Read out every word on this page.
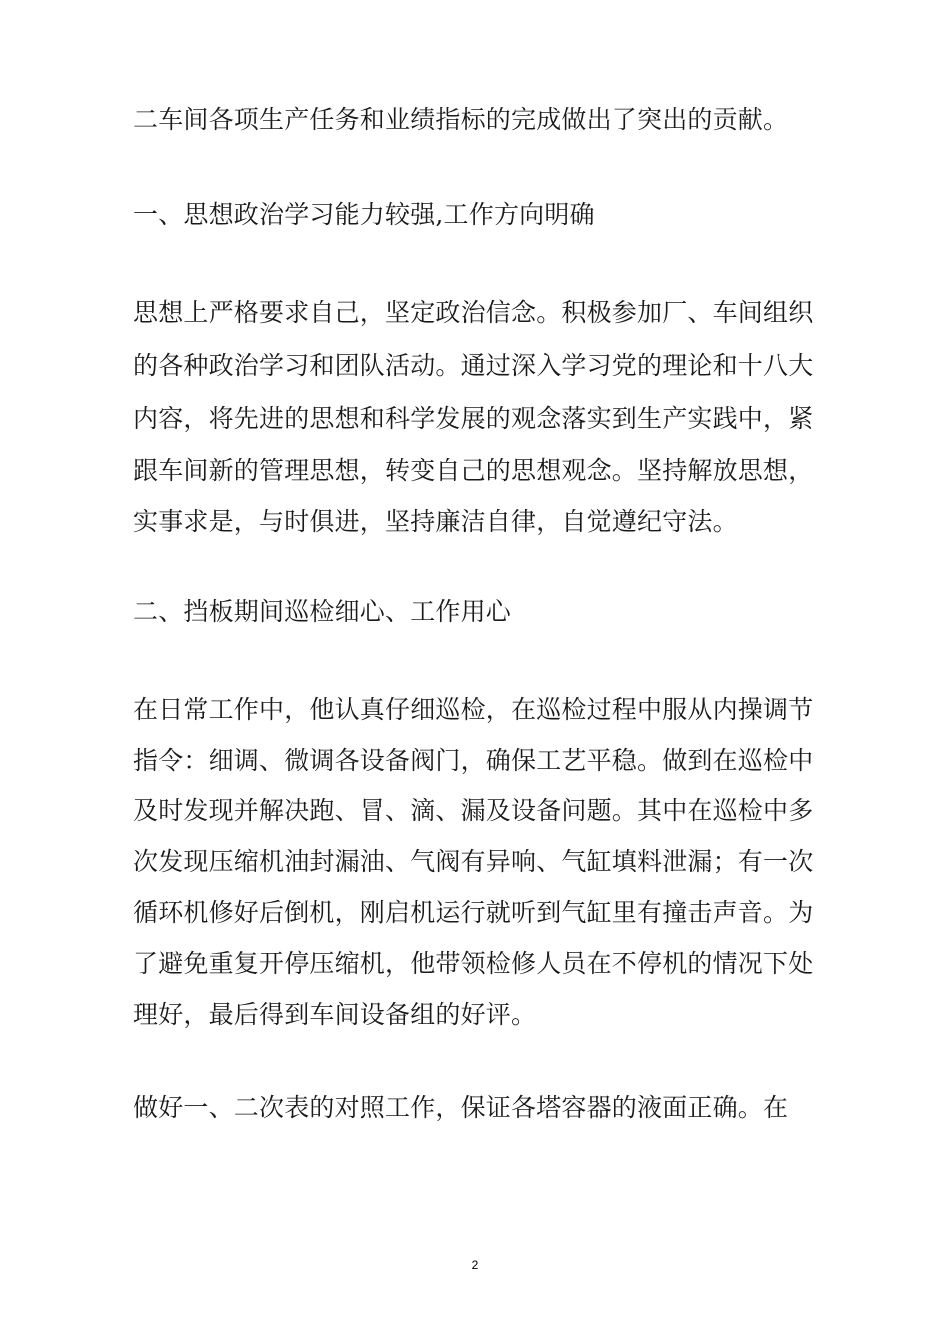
二车间各项生产任务和业绩指标的完成做出了突出的贡献。
一、思想政治学习能力较强,工作方向明确
思想上严格要求自己，坚定政治信念。积极参加厂、车间组织
的各种政治学习和团队活动。通过深入学习党的理论和十八大
内容，将先进的思想和科学发展的观念落实到生产实践中，紧
跟车间新的管理思想，转变自己的思想观念。坚持解放思想，
实事求是，与时俱进，坚持廉洁自律，自觉遵纪守法。
二、挡板期间巡检细心、工作用心
在日常工作中，他认真仔细巡检，在巡检过程中服从内操调节
指令：细调、微调各设备阀门，确保工艺平稳。做到在巡检中
及时发现并解决跑、冒、滴、漏及设备问题。其中在巡检中多
次发现压缩机油封漏油、气阀有异响、气缸填料泄漏；有一次
循环机修好后倒机，刚启机运行就听到气缸里有撞击声音。为
了避免重复开停压缩机，他带领检修人员在不停机的情况下处
理好，最后得到车间设备组的好评。
做好一、二次表的对照工作，保证各塔容器的液面正确。在
2
